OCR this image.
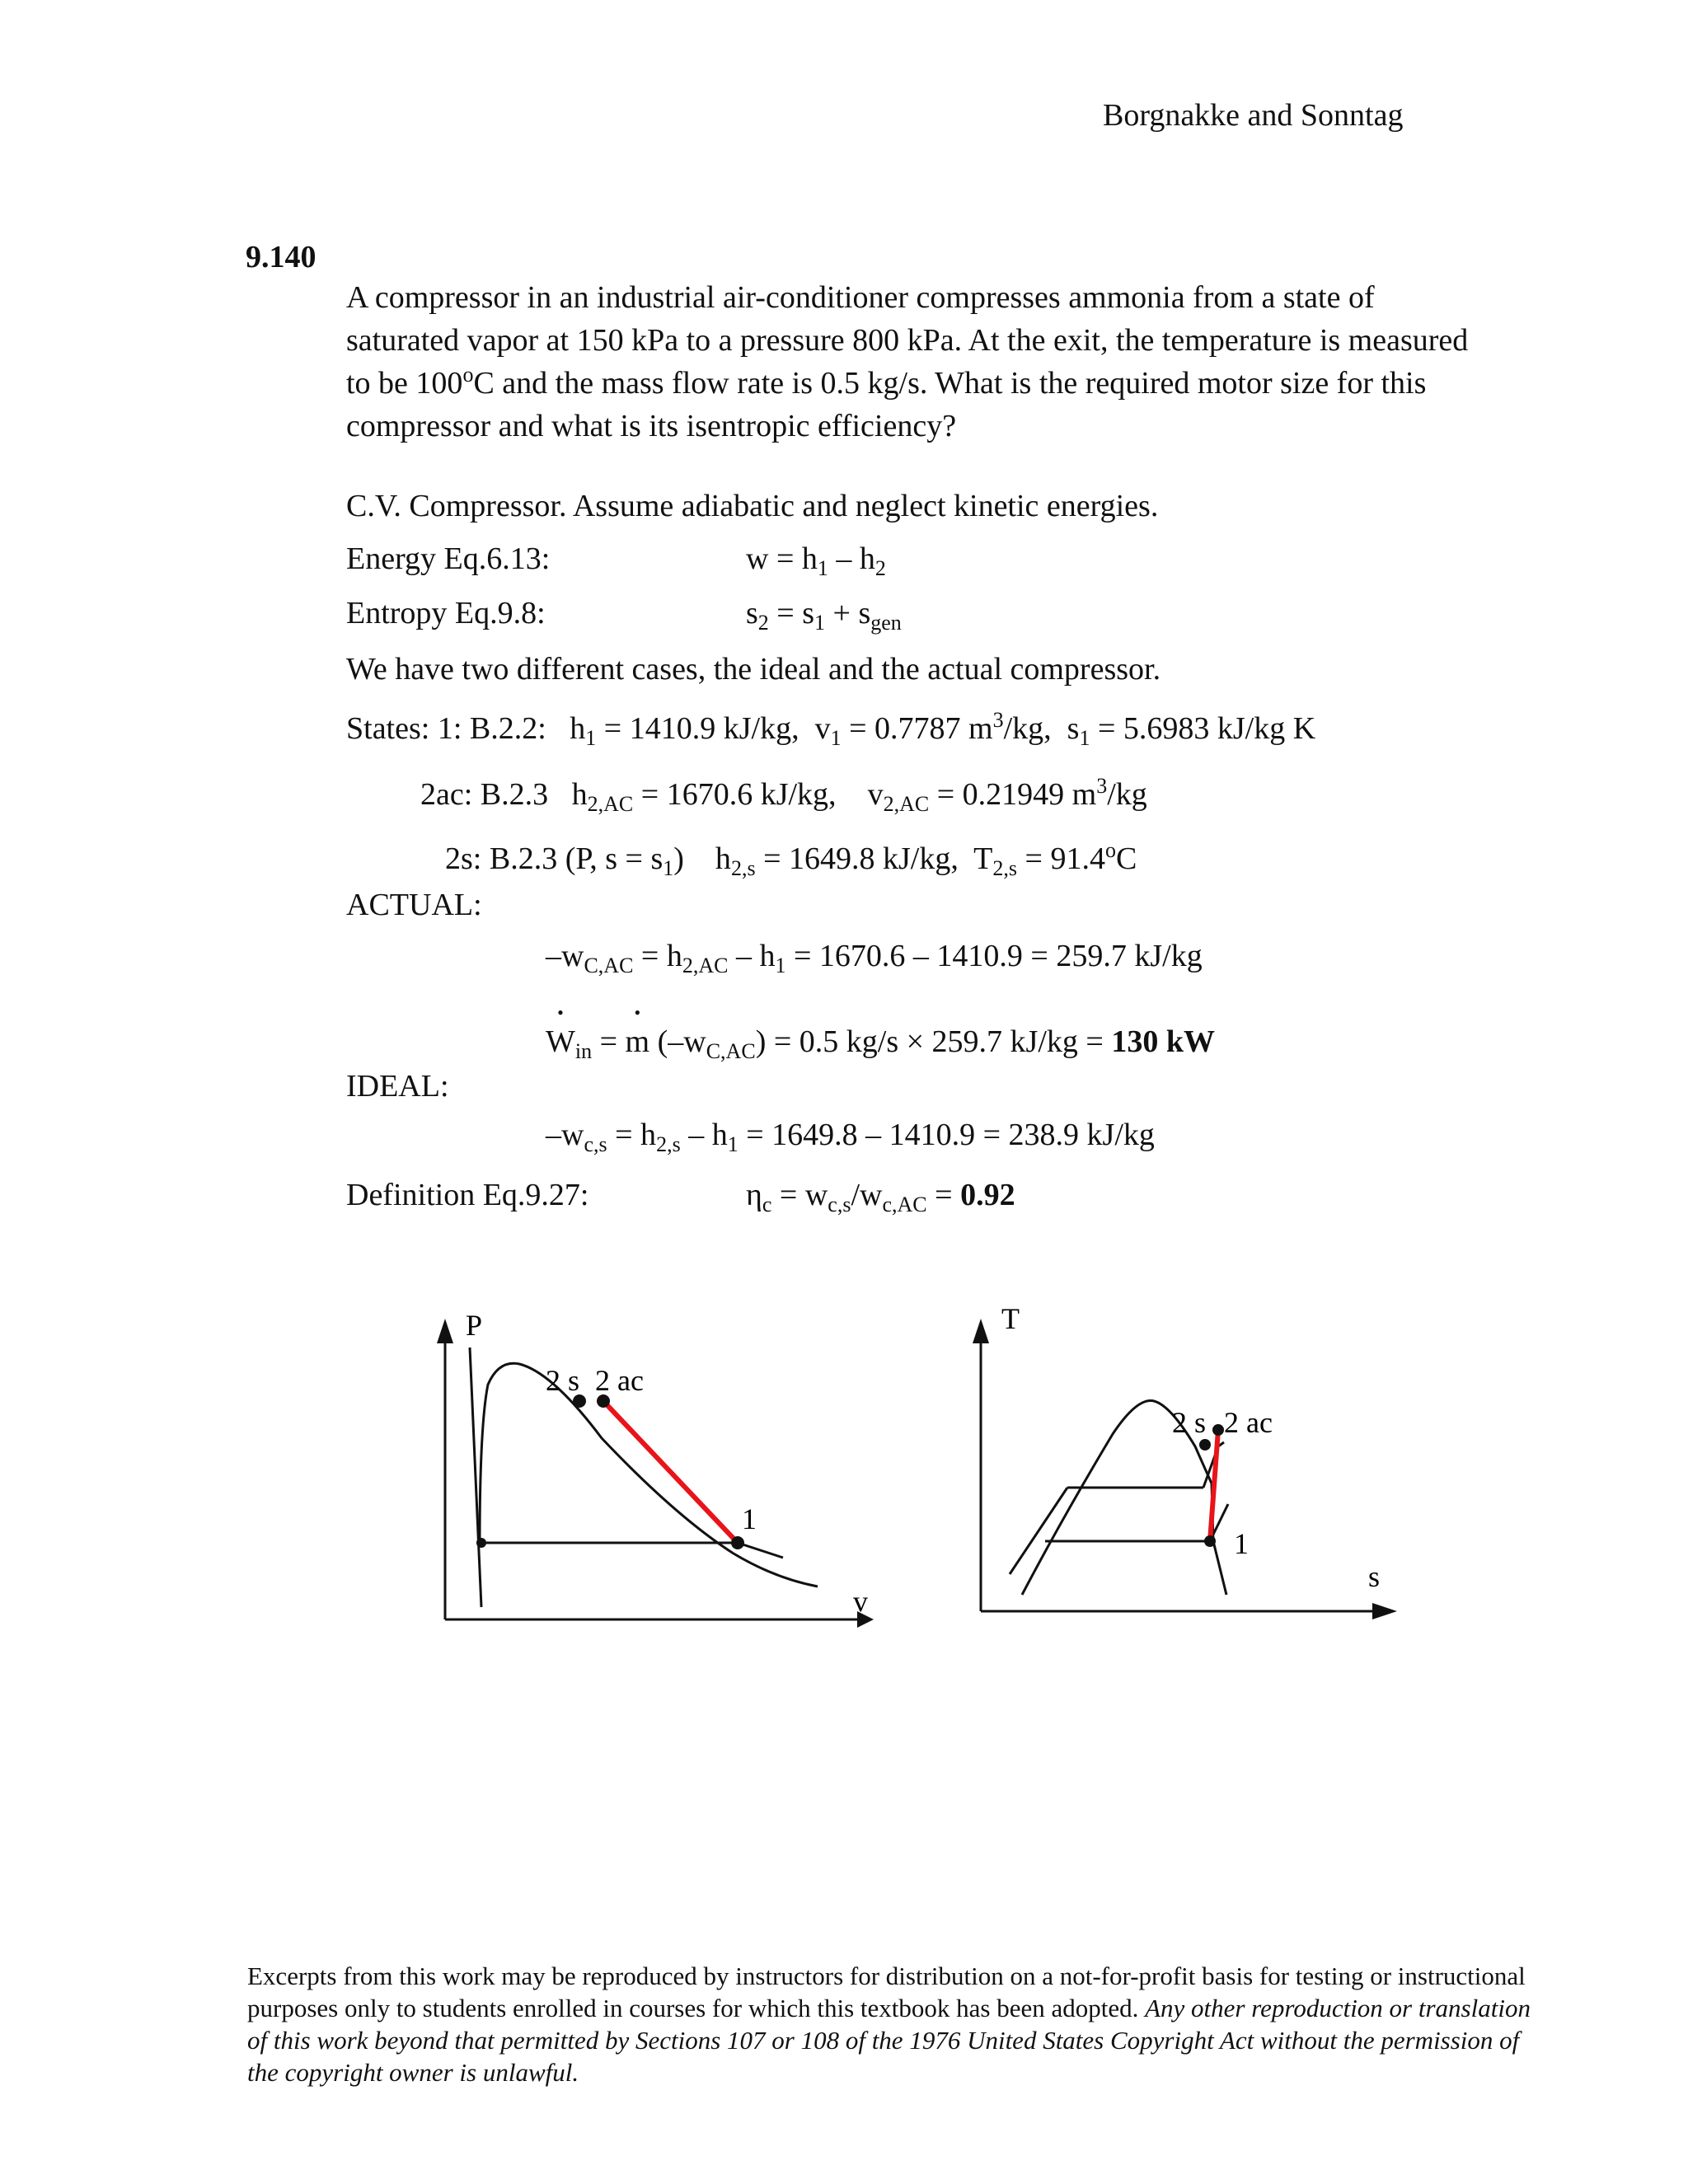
Borgnakke and Sonntag
9.140
A compressor in an industrial air-conditioner compresses ammonia from a state of saturated vapor at 150 kPa to a pressure 800 kPa. At the exit, the temperature is measured to be 100$^o$C and the mass flow rate is 0.5 kg/s. What is the required motor size for this compressor and what is its isentropic efficiency?
C.V. Compressor. Assume adiabatic and neglect kinetic energies.
Energy Eq.6.13:	$w = h_1 - h_2$
Entropy Eq.9.8:	$s_2 = s_1 + s_{gen}$
We have two different cases, the ideal and the actual compressor.
States: 1: B.2.2:   $h_1 = 1410.9$ kJ/kg,  $v_1 = 0.7787$ $m^3/kg$,  $s_1 = 5.6983$ kJ/kg K
2ac: B.2.3   $h_{2,AC} = 1670.6$ kJ/kg,    $v_{2,AC} = 0.21949$ $m^3/kg$
2s: B.2.3 (P, $s = s_1$)    $h_{2,s} = 1649.8$ kJ/kg,  $T_{2,s} = 91.4^oC$
ACTUAL:
$-w_{C,AC} = h_{2,AC} - h_1 = 1670.6 - 1410.9 = 259.7$ kJ/kg
• $W_{in}$ = • m $(-w_{C,AC}) = 0.5$ kg/s × 259.7 kJ/kg = 130 kW
IDEAL:
$-w_{c,s} = h_{2,s} - h_1 = 1649.8 - 1410.9 = 238.9$ kJ/kg
Definition Eq.9.27:	$\eta_c = w_{c,s}/w_{c,AC} = 0.92$
P
v
2 s 2 ac
1
T
s
2 s 2 ac
1
Excerpts from this work may be reproduced by instructors for distribution on a not-for-profit basis for testing or instructional purposes only to students enrolled in courses for which this textbook has been adopted. Any other reproduction or translation of this work beyond that permitted by Sections 107 or 108 of the 1976 United States Copyright Act without the permission of the copyright owner is unlawful.
